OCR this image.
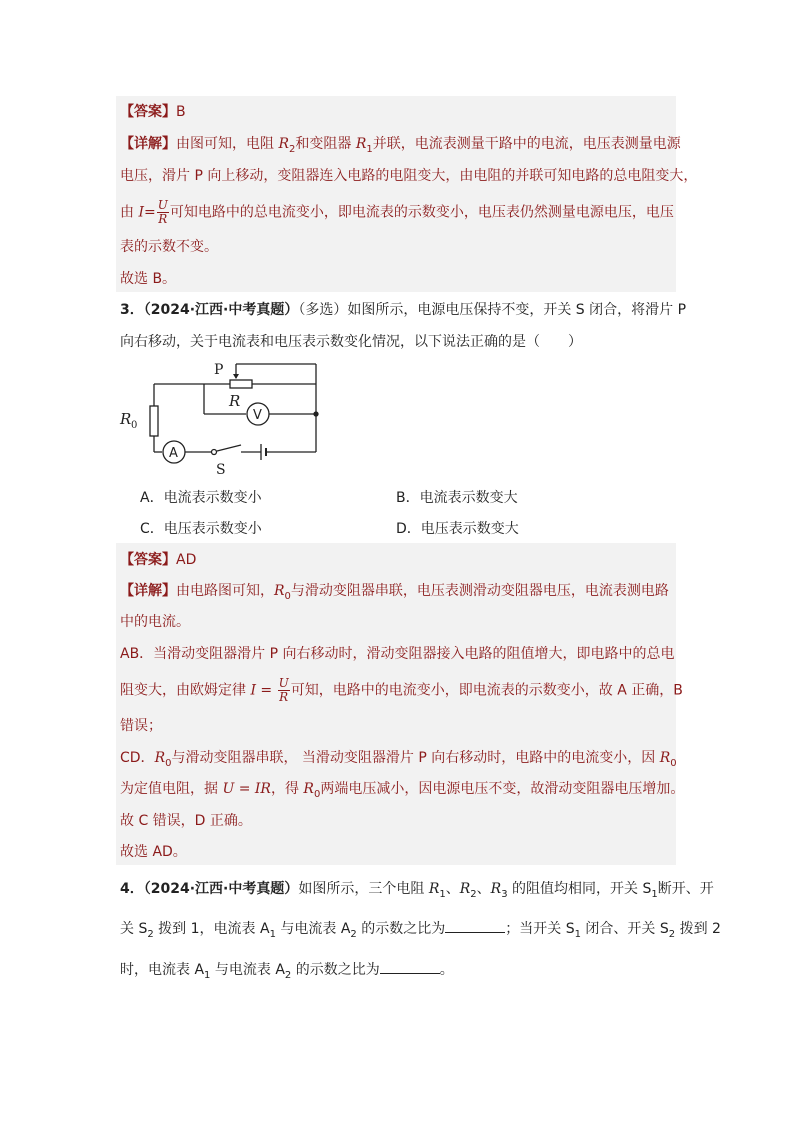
【答案】B
【详解】由图可知，电阻 $R_2$和变阻器 $R_1$并联，电流表测量干路中的电流，电压表测量电源
电压，滑片 P 向上移动，变阻器连入电路的电阻变大，由电阻的并联可知电路的总电阻变大，
由 $I= \frac{U}{R}$ 可知电路中的总电流变小，即电流表的示数变小，电压表仍然测量电源电压，电压
表的示数不变。
故选 B。
3．（2024·江西·中考真题）（多选）如图所示，电源电压保持不变，开关 S 闭合，将滑片 P
向右移动，关于电流表和电压表示数变化情况，以下说法正确的是（　　）
P
R
R 0
V
A
S
A．电流表示数变小	B．电流表示数变大
C．电压表示数变小	D．电压表示数变大
【答案】AD
【详解】由电路图可知，$R_0$与滑动变阻器串联，电压表测滑动变阻器电压，电流表测电路
中的电流。
AB．当滑动变阻器滑片 P 向右移动时，滑动变阻器接入电路的阻值增大，即电路中的总电
阻变大，由欧姆定律 $I = \frac{U}{R}$ 可知，电路中的电流变小，即电流表的示数变小，故 A 正确，B
错误；
CD．$R_0$与滑动变阻器串联， 当滑动变阻器滑片 P 向右移动时，电路中的电流变小，因 $R_0$
为定值电阻，据 U = IR，得 $R_0$两端电压减小，因电源电压不变，故滑动变阻器电压增加。
故 C 错误，D 正确。
故选 AD。
4．（2024·江西·中考真题）如图所示，三个电阻 $R_1$、$R_2$、$R_3$ 的阻值均相同，开关 $S_1$断开、开
关 $S_2$ 拨到 1，电流表 $A_1$ 与电流表 $A_2$ 的示数之比为	；当开关 $S_1$ 闭合、开关 $S_2$ 拨到 2
时，电流表 $A_1$ 与电流表 $A_2$ 的示数之比为	。
